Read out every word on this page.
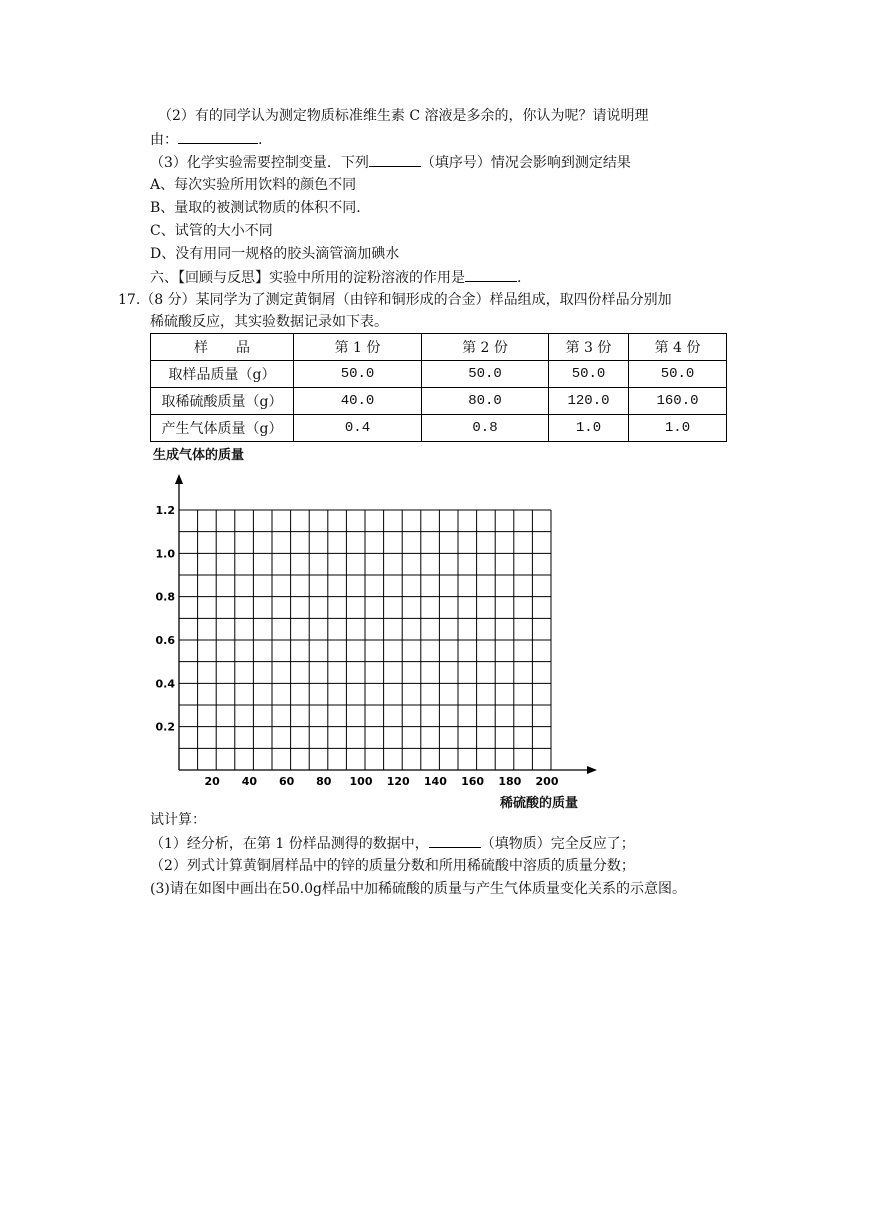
（2）有的同学认为测定物质标准维生素 C 溶液是多余的，你认为呢？请说明理
由：	.
（3）化学实验需要控制变量．下列	（填序号）情况会影响到测定结果
A、每次实验所用饮料的颜色不同
B、量取的被测试物质的体积不同.
C、试管的大小不同
D、没有用同一规格的胶头滴管滴加碘水
六、【回顾与反思】实验中所用的淀粉溶液的作用是	.
17.（8 分）某同学为了测定黄铜屑（由锌和铜形成的合金）样品组成，取四份样品分别加
稀硫酸反应，其实验数据记录如下表。
样　　品	第 1 份	第 2 份	第 3 份	第 4 份
取样品质量（g）	50.0	50.0	50.0	50.0
取稀硫酸质量（g）	40.0	80.0	120.0	160.0
产生气体质量（g）	0.4	0.8	1.0	1.0
生成气体的质量
1.2
1.0
0.8
0.6
0.4
0.2
20 40 60 80 100 120 140 160 180 200
稀硫酸的质量
试计算：
（1）经分析，在第 1 份样品测得的数据中，	（填物质）完全反应了；
（2）列式计算黄铜屑样品中的锌的质量分数和所用稀硫酸中溶质的质量分数；
(3)请在如图中画出在50.0g样品中加稀硫酸的质量与产生气体质量变化关系的示意图。
